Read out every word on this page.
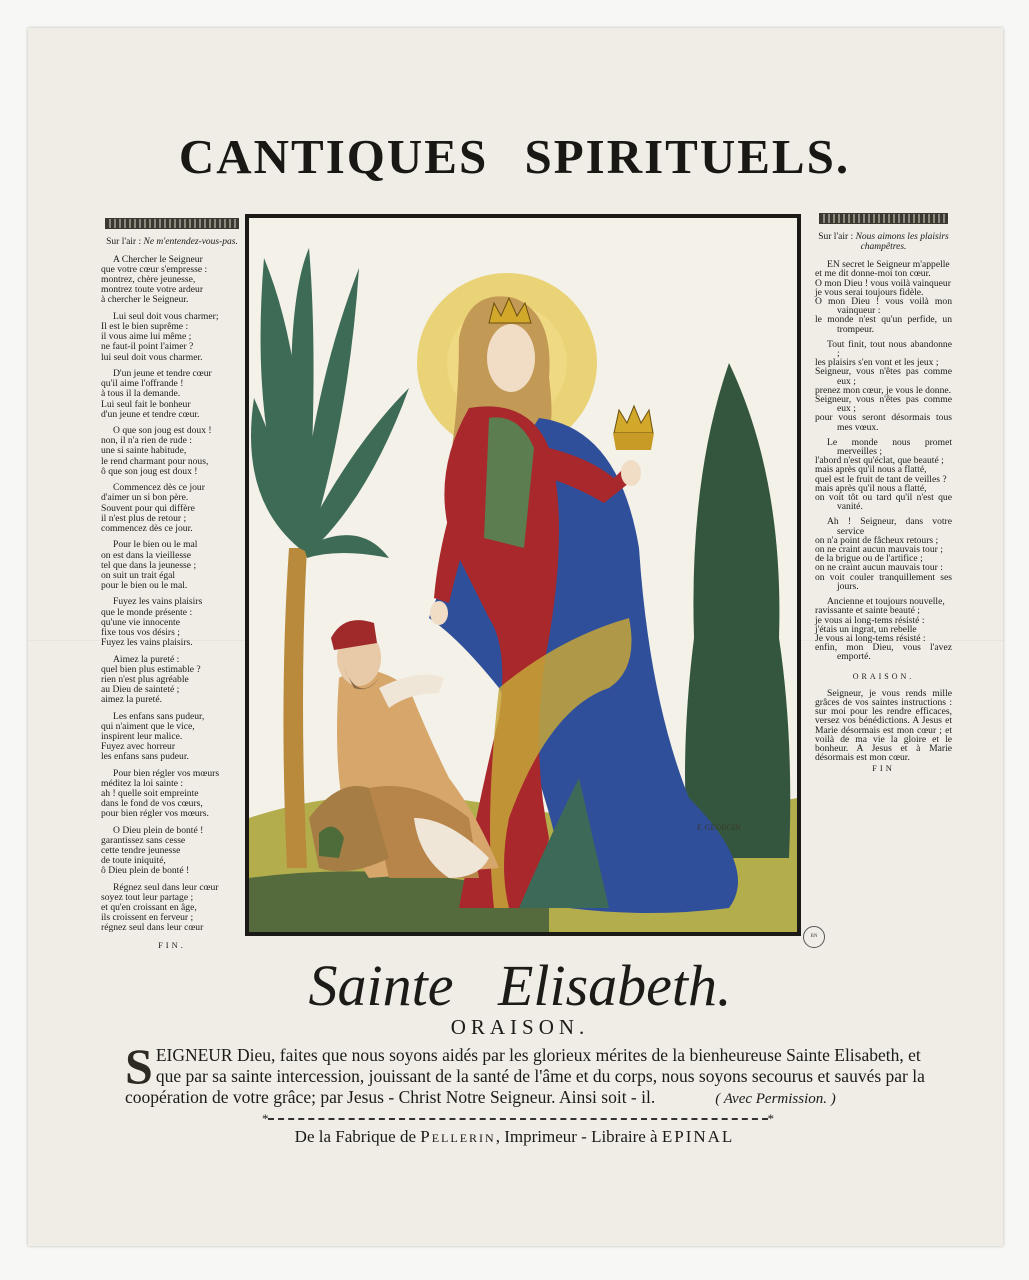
CANTIQUES SPIRITUELS.
Sur l'air : Ne m'entendez-vous-pas.
A Chercher le Seigneur
que votre cœur s'empresse :
montrez, chère jeunesse,
montrez toute votre ardeur
à chercher le Seigneur.
Lui seul doit vous charmer;
Il est le bien suprême :
il vous aime lui même ;
ne faut-il point l'aimer ?
lui seul doit vous charmer.
D'un jeune et tendre cœur
qu'il aime l'offrande !
à tous il la demande.
Lui seul fait le bonheur
d'un jeune et tendre cœur.
O que son joug est doux !
non, il n'a rien de rude :
une si sainte habitude,
le rend charmant pour nous,
ô que son joug est doux !
Commencez dès ce jour
d'aimer un si bon père.
Souvent pour qui diffère
il n'est plus de retour ;
commencez dès ce jour.
Pour le bien ou le mal
on est dans la vieillesse
tel que dans la jeunesse ;
on suit un trait égal
pour le bien ou le mal.
Fuyez les vains plaisirs
que le monde présente :
qu'une vie innocente
fixe tous vos désirs ;
Fuyez les vains plaisirs.
Aimez la pureté :
quel bien plus estimable ?
rien n'est plus agréable
au Dieu de sainteté ;
aimez la pureté.
Les enfans sans pudeur,
qui n'aiment que le vice,
inspirent leur malice.
Fuyez avec horreur
les enfans sans pudeur.
Pour bien régler vos mœurs
méditez la loi sainte :
ah ! quelle soit empreinte
dans le fond de vos cœurs,
pour bien régler vos mœurs.
O Dieu plein de bonté !
garantissez sans cesse
cette tendre jeunesse
de toute iniquité,
ô Dieu plein de bonté !
Régnez seul dans leur cœur
soyez tout leur partage ;
et qu'en croissant en âge,
ils croissent en ferveur ;
régnez seul dans leur cœur
FIN.
Sur l'air : Nous aimons les plaisirs champêtres.
EN secret le Seigneur m'appelle
et me dit donne-moi ton cœur.
O mon Dieu ! vous voilà vainqueur
je vous serai toujours fidèle.
O mon Dieu ! vous voilà mon vainqueur :
le monde n'est qu'un perfide, un trompeur.
Tout finit, tout nous abandonne ;
les plaisirs s'en vont et les jeux ;
Seigneur, vous n'êtes pas comme eux ;
prenez mon cœur, je vous le donne.
Seigneur, vous n'êtes pas comme eux ;
pour vous seront désormais tous mes vœux.
Le monde nous promet merveilles ;
l'abord n'est qu'éclat, que beauté ;
mais après qu'il nous a flatté,
quel est le fruit de tant de veilles ?
mais après qu'il nous a flatté,
on voit tôt ou tard qu'il n'est que vanité.
Ah ! Seigneur, dans votre service
on n'a point de fâcheux retours ;
on ne craint aucun mauvais tour ;
de la brigue ou de l'artifice ;
on ne craint aucun mauvais tour :
on voit couler tranquillement ses jours.
Ancienne et toujours nouvelle,
ravissante et sainte beauté ;
je vous ai long-tems résisté :
j'étais un ingrat, un rebelle
Je vous ai long-tems résisté :
enfin, mon Dieu, vous l'avez emporté.
ORAISON.
Seigneur, je vous rends mille grâces de vos saintes instructions : sur moi pour les rendre efficaces, versez vos bénédictions. A Jesus et Marie désormais est mon cœur ; et voilà de ma vie la gloire et le bonheur. A Jesus et à Marie désormais est mon cœur.
FIN
F. GEORGIN
BN
Sainte Elisabeth.
ORAISON.
S EIGNEUR Dieu, faites que nous soyons aidés par les glorieux mérites de la bienheureuse Sainte Elisabeth, et
que par sa sainte intercession, jouissant de la santé de l'âme et du corps, nous soyons secourus et sauvés par la
coopération de votre grâce; par Jesus - Christ Notre Seigneur. Ainsi soit - il.	( Avec Permission. )
* *
De la Fabrique de Pellerin, Imprimeur - Libraire à EPINAL
